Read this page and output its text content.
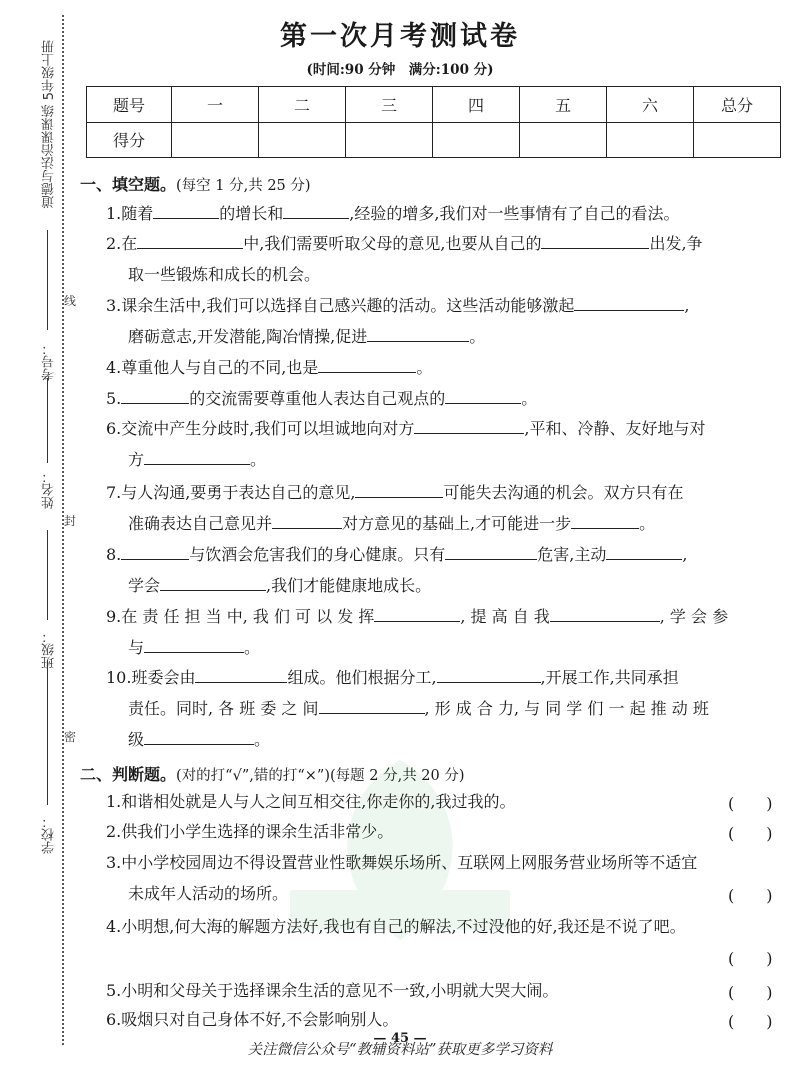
道德与法治课课练 5年级上册
考号：
姓名：
班级：
学校：
线
封
密
第一次月考测试卷
(时间:90 分钟　满分:100 分)
题号	一	二	三	四	五	六	总分
得分							
一、填空题。(每空 1 分,共 25 分)
1.随着	的增长和	,经验的增多,我们对一些事情有了自己的看法。
2.在	中,我们需要听取父母的意见,也要从自己的	出发,争
取一些锻炼和成长的机会。
3.课余生活中,我们可以选择自己感兴趣的活动。这些活动能够激起	,
磨砺意志,开发潜能,陶冶情操,促进	。
4.尊重他人与自己的不同,也是	。
5.	的交流需要尊重他人表达自己观点的	。
6.交流中产生分歧时,我们可以坦诚地向对方	,平和、冷静、友好地与对
方	。
7.与人沟通,要勇于表达自己的意见,	可能失去沟通的机会。双方只有在
准确表达自己意见并	对方意见的基础上,才可能进一步	。
8.	与饮酒会危害我们的身心健康。只有	危害,主动	,
学会	,我们才能健康地成长。
9.在 责 任 担 当 中, 我 们 可 以 发 挥	, 提 高 自 我	, 学 会 参
与	。
10.班委会由	组成。他们根据分工,	,开展工作,共同承担
责任。同时, 各 班 委 之 间	, 形 成 合 力, 与 同 学 们 一 起 推 动 班
级	。
二、判断题。(对的打“√”,错的打“×”)(每题 2 分,共 20 分)
1.和谐相处就是人与人之间互相交往,你走你的,我过我的。	(　　)
2.供我们小学生选择的课余生活非常少。	(　　)
3.中小学校园周边不得设置营业性歌舞娱乐场所、互联网上网服务营业场所等不适宜
未成年人活动的场所。	(　　)
4.小明想,何大海的解题方法好,我也有自己的解法,不过没他的好,我还是不说了吧。
(　　)
5.小明和父母关于选择课余生活的意见不一致,小明就大哭大闹。	(　　)
6.吸烟只对自己身体不好,不会影响别人。	(　　)
— 45 —
关注微信公众号“教辅资料站”获取更多学习资料
